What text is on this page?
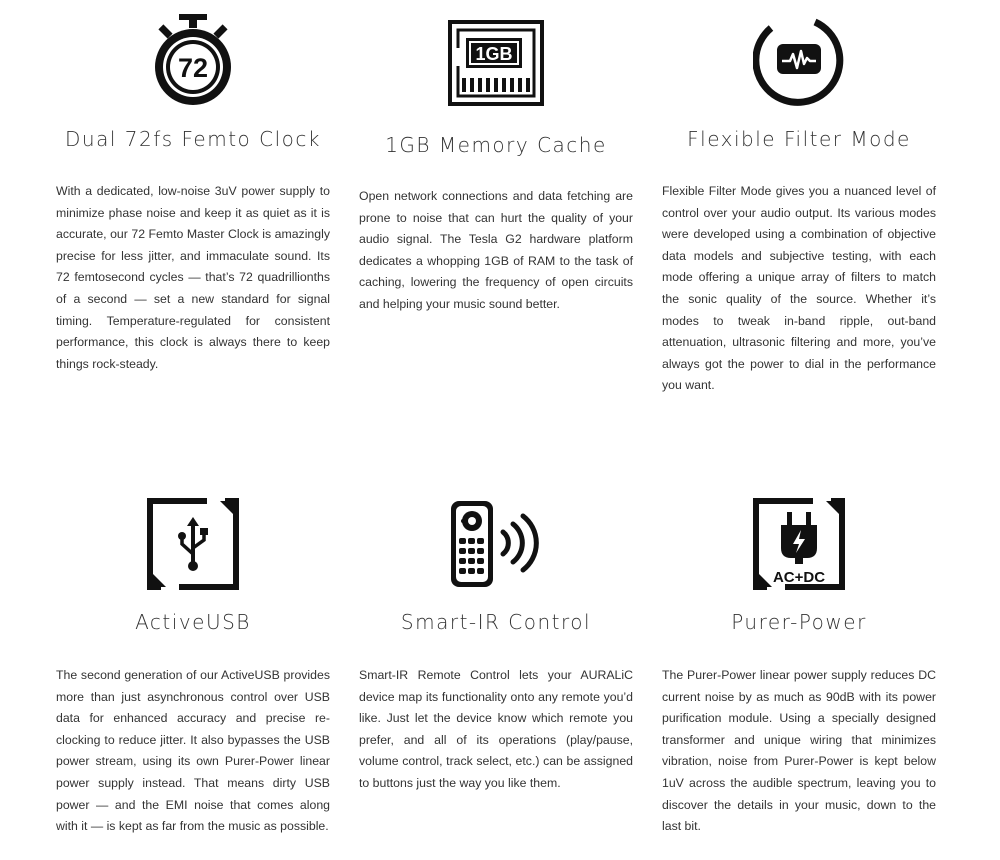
72
Dual 72fs Femto Clock

With a dedicated, low-noise 3uV power supply to minimize phase noise and keep it as quiet as it is accurate, our 72 Femto Master Clock is amazingly precise for less jitter, and immaculate sound. Its 72 femtosecond cycles — that’s 72 quadrillionths of a second — set a new standard for signal timing. Temperature-regulated for consistent performance, this clock is always there to keep things rock-steady.

1GB
1GB Memory Cache

Open network connections and data fetching are prone to noise that can hurt the quality of your audio signal. The Tesla G2 hardware platform dedicates a whopping 1GB of RAM to the task of caching, lowering the frequency of open circuits and helping your music sound better.

Flexible Filter Mode

Flexible Filter Mode gives you a nuanced level of control over your audio output. Its various modes were developed using a combination of objective data models and subjective testing, with each mode offering a unique array of filters to match the sonic quality of the source. Whether it’s modes to tweak in-band ripple, out-band attenuation, ultrasonic filtering and more, you’ve always got the power to dial in the performance you want.

ActiveUSB

The second generation of our ActiveUSB provides more than just asynchronous control over USB data for enhanced accuracy and precise re-clocking to reduce jitter. It also bypasses the USB power stream, using its own Purer-Power linear power supply instead. That means dirty USB power — and the EMI noise that comes along with it — is kept as far from the music as possible.

Smart-IR Control

Smart-IR Remote Control lets your AURALiC device map its functionality onto any remote you’d like. Just let the device know which remote you prefer, and all of its operations (play/pause, volume control, track select, etc.) can be assigned to buttons just the way you like them.

AC+DC
Purer-Power

The Purer-Power linear power supply reduces DC current noise by as much as 90dB with its power purification module. Using a specially designed transformer and unique wiring that minimizes vibration, noise from Purer-Power is kept below 1uV across the audible spectrum, leaving you to discover the details in your music, down to the last bit.
